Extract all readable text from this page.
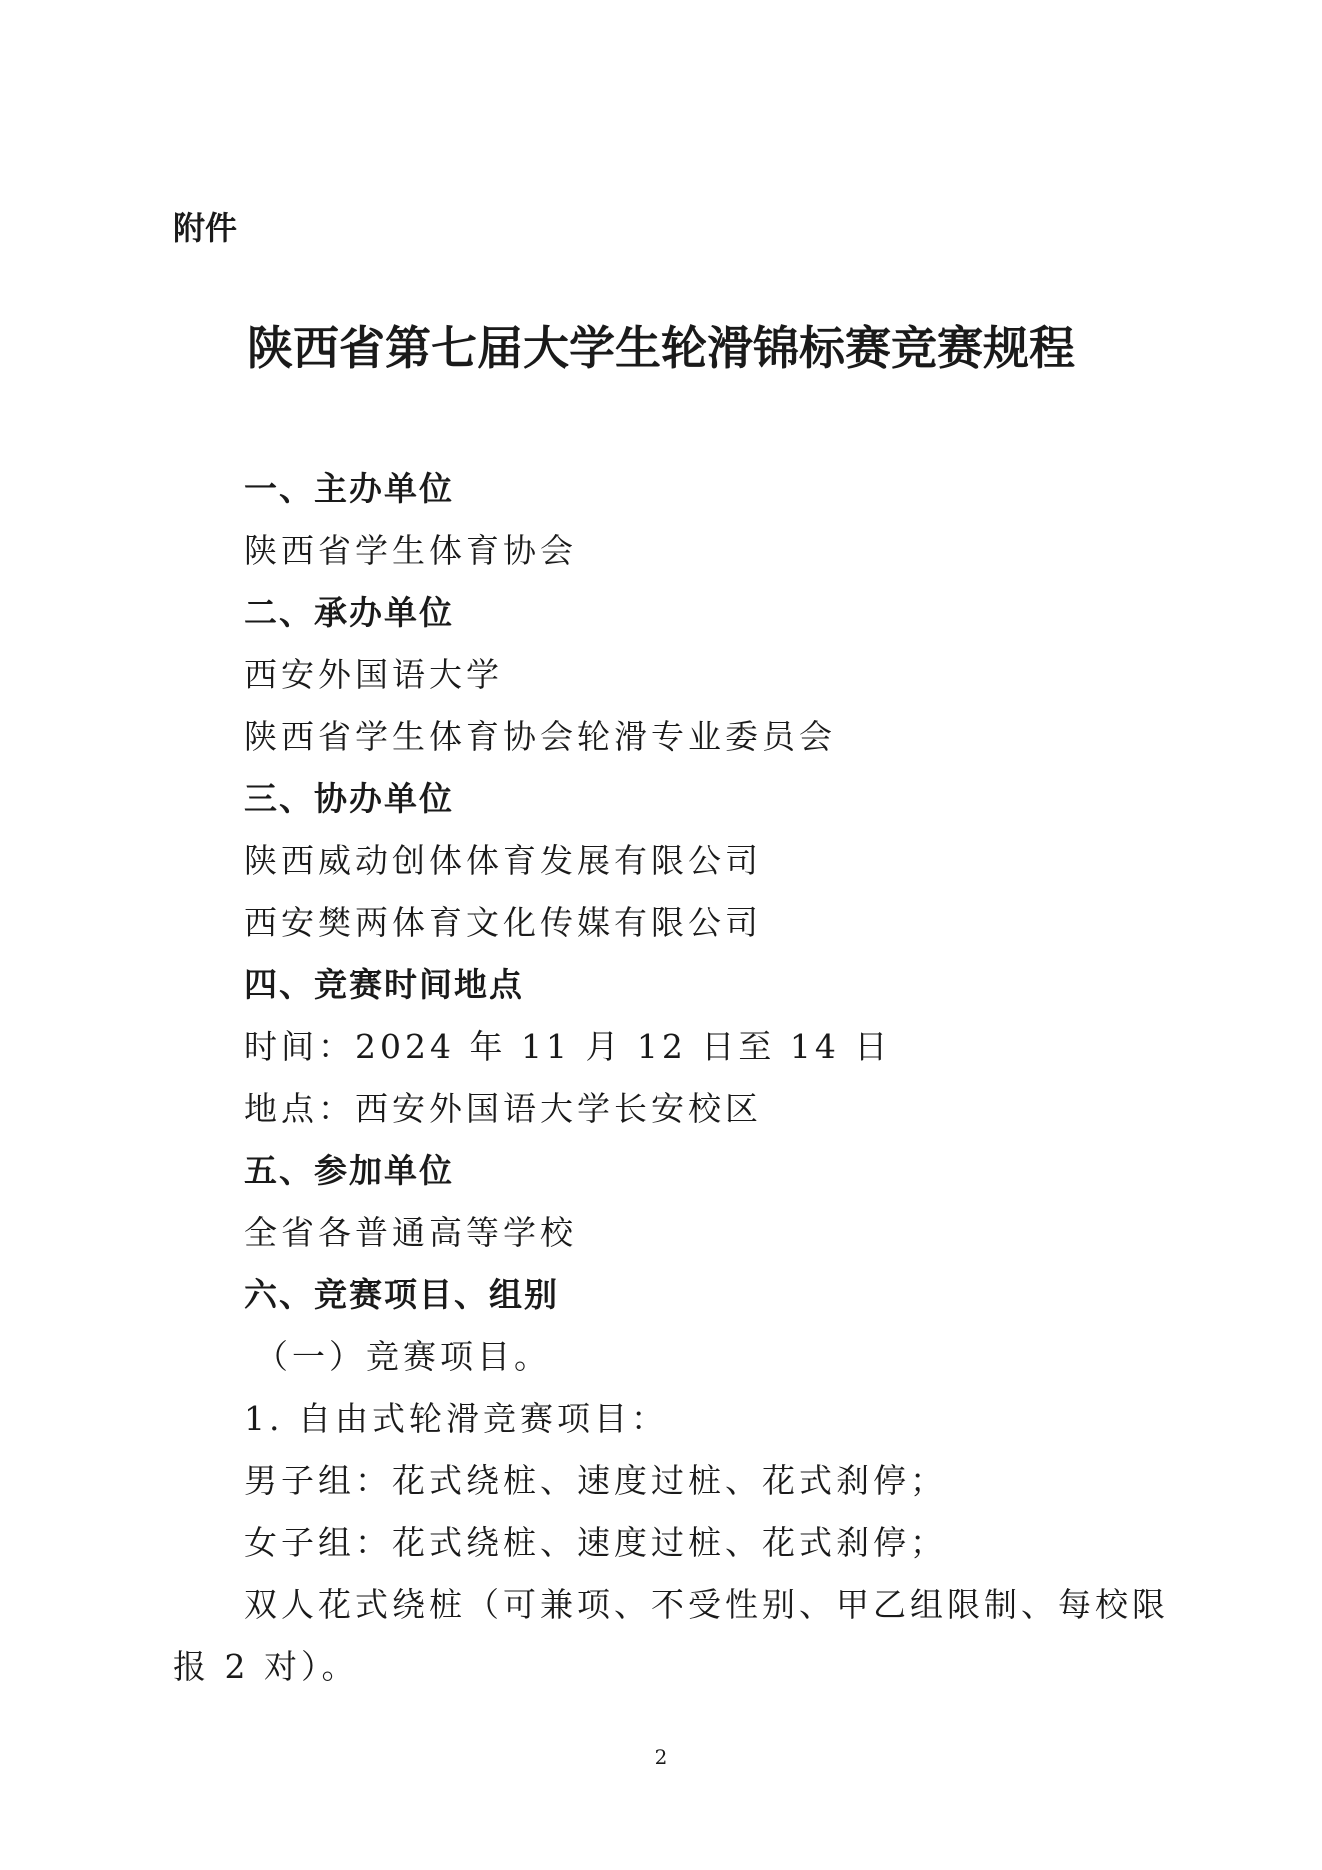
附件
陕西省第七届大学生轮滑锦标赛竞赛规程
一、主办单位
陕西省学生体育协会
二、承办单位
西安外国语大学
陕西省学生体育协会轮滑专业委员会
三、协办单位
陕西威动创体体育发展有限公司
西安樊两体育文化传媒有限公司
四、竞赛时间地点
时间：2024 年 11 月 12 日至 14 日
地点：西安外国语大学长安校区
五、参加单位
全省各普通高等学校
六、竞赛项目、组别
（一）竞赛项目。
1. 自由式轮滑竞赛项目：
男子组：花式绕桩、速度过桩、花式刹停；
女子组：花式绕桩、速度过桩、花式刹停；
双人花式绕桩（可兼项、不受性别、甲乙组限制、每校限
报 2 对）。
2
